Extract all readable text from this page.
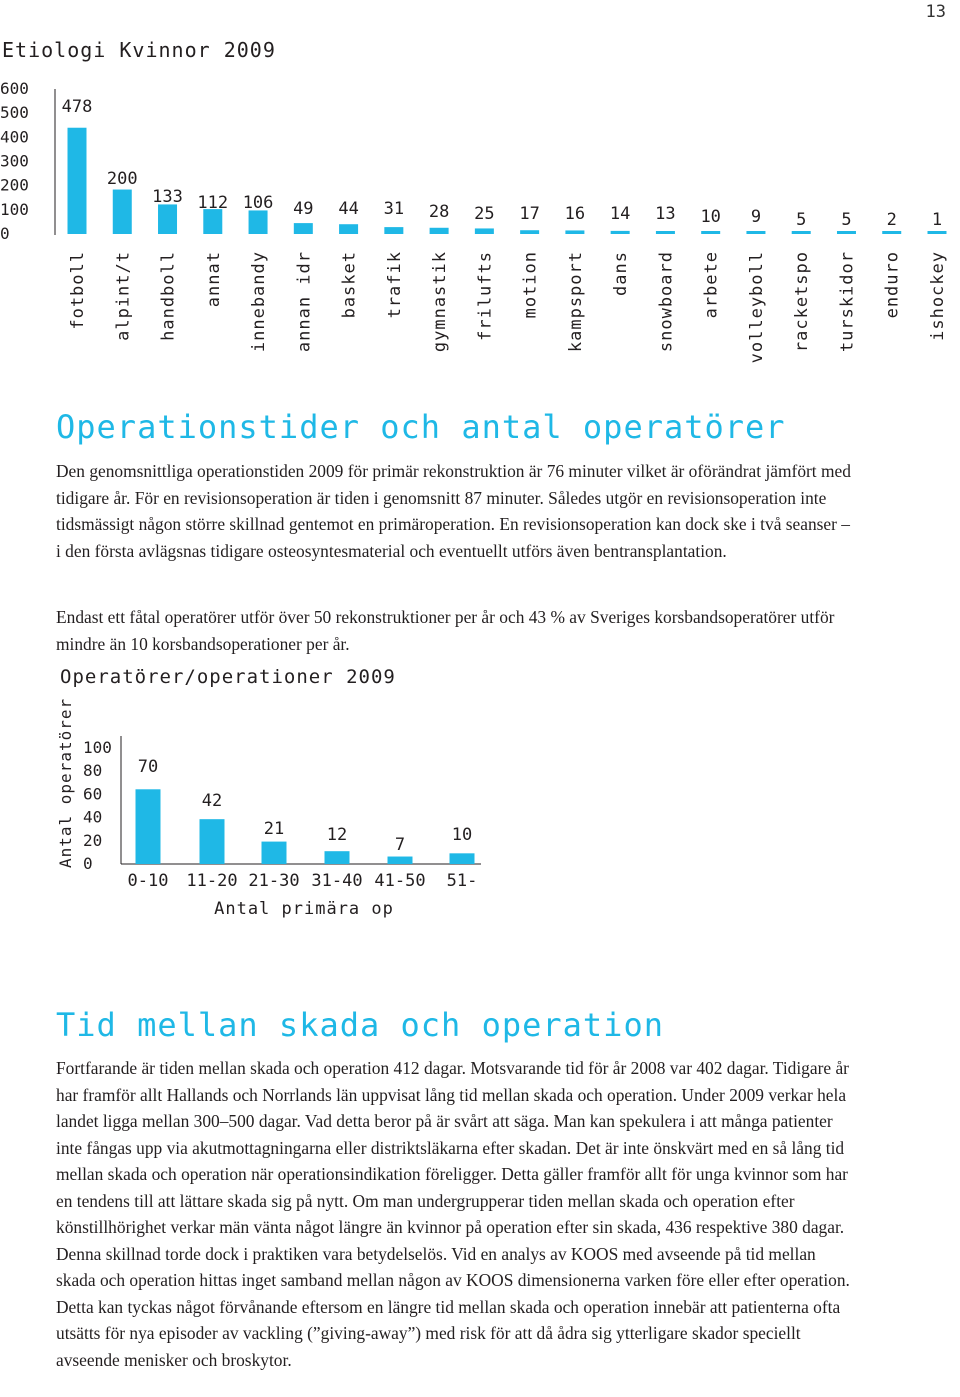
13
Etiologi Kvinnor 2009
0
100
200
300
400
500
600
478
200
133 112 106 49 44 31 28 25 17 16 14 13 10 9 5 5 2 1
fotboll alpint/t handboll annat innebandy annan idr basket trafik gymnastik frilufts motion kampsport dans snowboard arbete volleyboll racketspo turskidor enduro ishockey
Operationstider och antal operatörer

Den genomsnittliga operationstiden 2009 för primär rekonstruktion är 76 minuter vilket är oförändrat jämfört med tidigare år. För en revisionsoperation är tiden i genomsnitt 87 minuter. Således utgör en revisionsoperation inte tidsmässigt någon större skillnad gentemot en primäroperation. En revisionsoperation kan dock ske i två seanser – i den första avlägsnas tidigare osteosyntesmaterial och eventuellt utförs även bentransplantation.

Endast ett fåtal operatörer utför över 50 rekonstruktioner per år och 43 % av Sveriges korsbandsoperatörer utför mindre än 10 korsbandsoperationer per år.

Operatörer/operationer 2009
Antal operatörer 0
20
40
60
80
100
70
42
21	12	7	10
0-10 11-20 21-30 31-40 41-50 51-
Antal primära op
Tid mellan skada och operation

Fortfarande är tiden mellan skada och operation 412 dagar. Motsvarande tid för år 2008 var 402 dagar. Tidigare år har framför allt Hallands och Norrlands län uppvisat lång tid mellan skada och operation. Under 2009 verkar hela landet ligga mellan 300–500 dagar. Vad detta beror på är svårt att säga. Man kan spekulera i att många patienter inte fångas upp via akutmottagningarna eller distriktsläkarna efter skadan. Det är inte önskvärt med en så lång tid mellan skada och operation när operationsindikation föreligger. Detta gäller framför allt för unga kvinnor som har en tendens till att lättare skada sig på nytt. Om man undergrupperar tiden mellan skada och operation efter könstillhörighet verkar män vänta något längre än kvinnor på operation efter sin skada, 436 respektive 380 dagar. Denna skillnad torde dock i praktiken vara betydelselös. Vid en analys av KOOS med avseende på tid mellan skada och operation hittas inget samband mellan någon av KOOS dimensionerna varken före eller efter operation. Detta kan tyckas något förvånande eftersom en längre tid mellan skada och operation innebär att patienterna ofta utsätts för nya episoder av vackling (”giving-away”) med risk för att då ådra sig ytterligare skador speciellt avseende menisker och broskytor.
